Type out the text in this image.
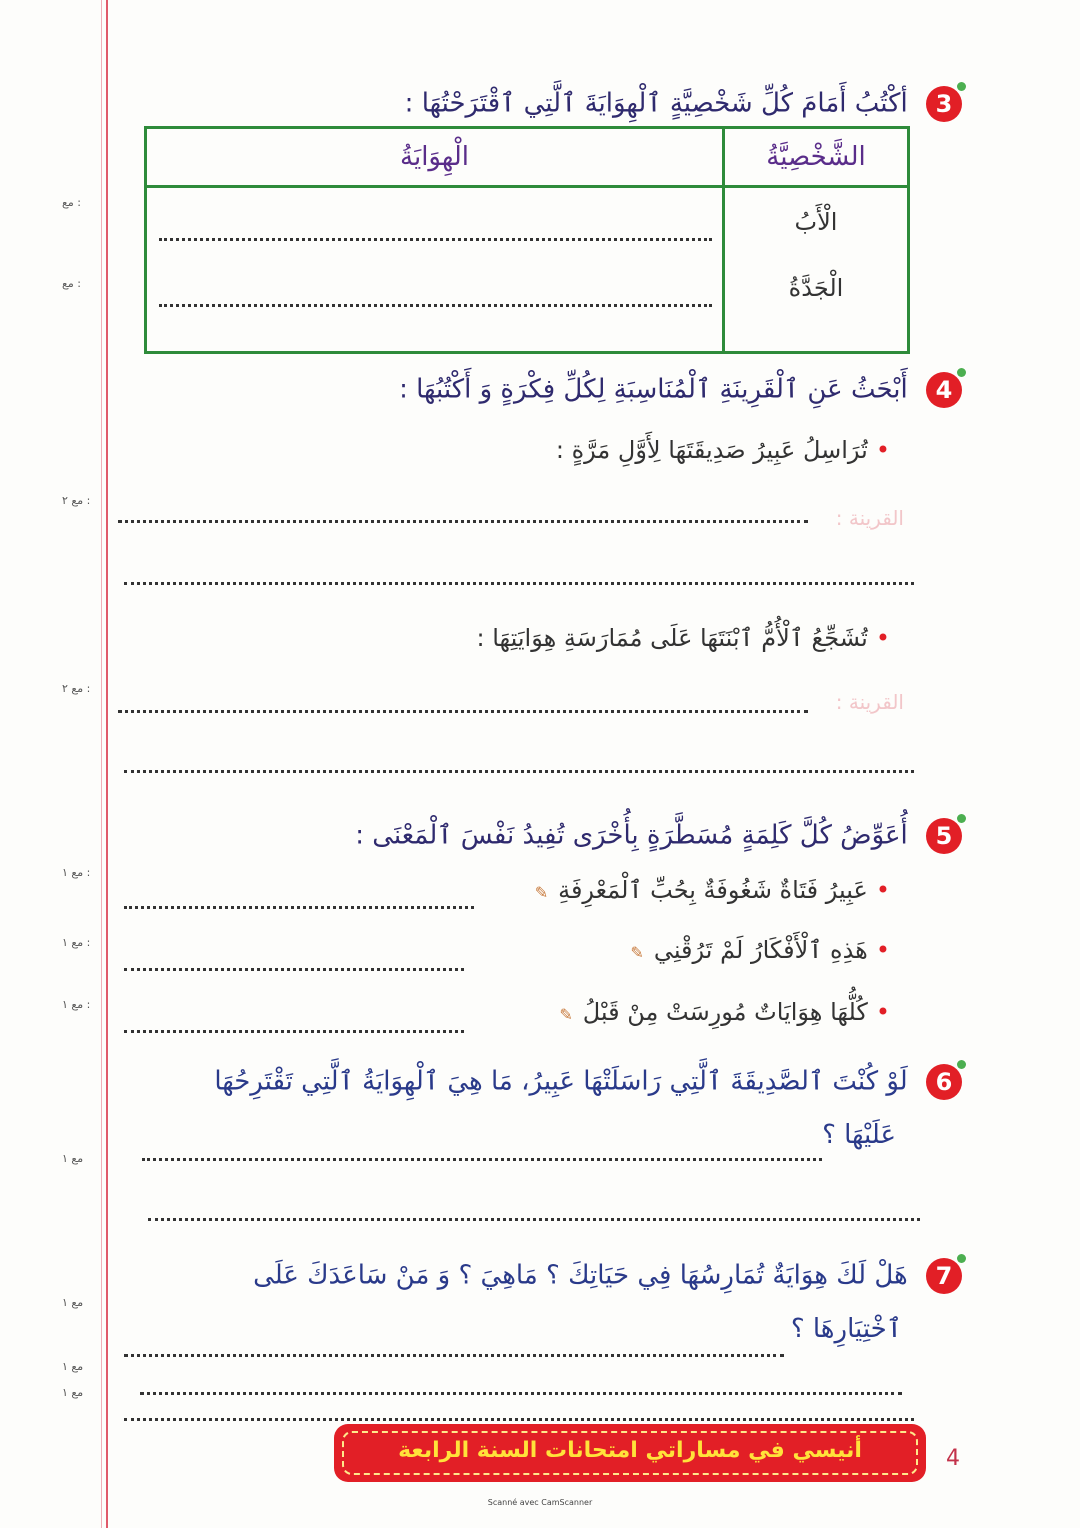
مع :
مع :
مع ٢ :
مع ٢ :
مع ١ :
مع ١ :
مع ١ :
مع ١
مع ١
مع ١
مع ١
3 أكْتُبُ أَمَامَ كُلِّ شَخْصِيَّةٍ ٱلْهِوَايَةَ ٱلَّتِي ٱقْتَرَحْتُهَا :
الشَّخْصِيَّةُ	الْهِوَايَةُ

الْأَبُ
الْجَدَّةُ	

4 أَبْحَثُ عَنِ ٱلْقَرِينَةِ ٱلْمُنَاسِبَةِ لِكُلِّ فِكْرَةٍ وَ أَكْتُبُهَا :
•تُرَاسِلُ عَبِيرُ صَدِيقَتَهَا لِأَوَّلِ مَرَّةٍ :
القرينة :
•تُشَجِّعُ ٱلْأُمُّ ٱبْنَتَهَا عَلَى مُمَارَسَةِ هِوَايَتِهَا :
القرينة :
5 أُعَوِّضُ كُلَّ كَلِمَةٍ مُسَطَّرَةٍ بِأُخْرَى تُفِيدُ نَفْسَ ٱلْمَعْنَى :
•عَبِيرُ فَتَاةٌ شَغُوفَةٌ بِحُبِّ ٱلْمَعْرِفَةِ✎
•هَذِهِ ٱلْأَفْكَارُ لَمْ تَرُقْنِي✎
•كُلُّهَا هِوَايَاتٌ مُورِسَتْ مِنْ قَبْلُ✎
6 لَوْ كُنْتَ ٱلصَّدِيقَةَ ٱلَّتِي رَاسَلَتْهَا عَبِيرُ، مَا هِيَ ٱلْهِوَايَةُ ٱلَّتِي تَقْتَرِحُهَا
عَلَيْهَا ؟
7 هَلْ لَكَ هِوَايَةٌ تُمَارِسُهَا فِي حَيَاتِكَ ؟ مَاهِيَ ؟ وَ مَنْ سَاعَدَكَ عَلَى
ٱخْتِيَارِهَا ؟
أنيسي في مساراتي امتحانات السنة الرابعة	4
Scanné avec CamScanner
